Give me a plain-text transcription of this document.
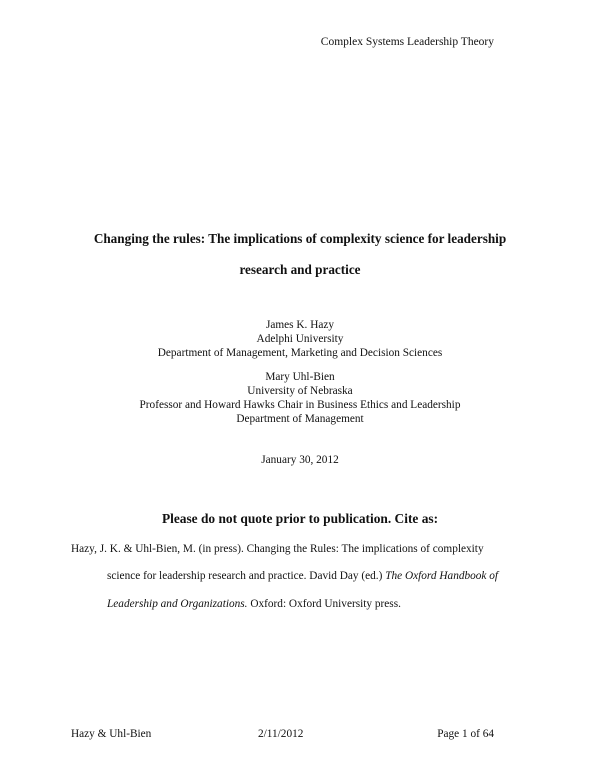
Complex Systems Leadership Theory
Changing the rules: The implications of complexity science for leadership
research and practice
James K. Hazy
Adelphi University
Department of Management, Marketing and Decision Sciences
Mary Uhl-Bien
University of Nebraska
Professor and Howard Hawks Chair in Business Ethics and Leadership
Department of Management
January 30, 2012
Please do not quote prior to publication. Cite as:
Hazy, J. K. & Uhl-Bien, M. (in press). Changing the Rules: The implications of complexity
science for leadership research and practice. David Day (ed.) The Oxford Handbook of
Leadership and Organizations. Oxford: Oxford University press.
Hazy & Uhl-Bien	2/11/2012	Page 1 of 64
